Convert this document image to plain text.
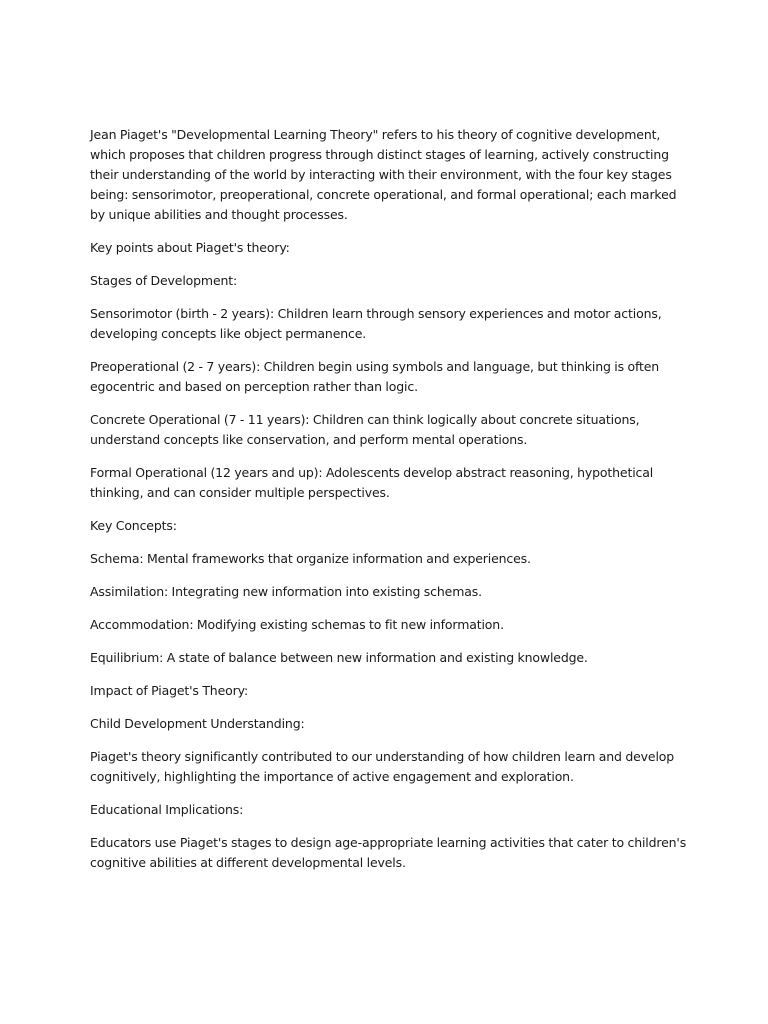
Jean Piaget's "Developmental Learning Theory" refers to his theory of cognitive development, which proposes that children progress through distinct stages of learning, actively constructing their understanding of the world by interacting with their environment, with the four key stages being: sensorimotor, preoperational, concrete operational, and formal operational; each marked by unique abilities and thought processes.

Key points about Piaget's theory:

Stages of Development:

Sensorimotor (birth - 2 years): Children learn through sensory experiences and motor actions, developing concepts like object permanence.

Preoperational (2 - 7 years): Children begin using symbols and language, but thinking is often egocentric and based on perception rather than logic.

Concrete Operational (7 - 11 years): Children can think logically about concrete situations, understand concepts like conservation, and perform mental operations.

Formal Operational (12 years and up): Adolescents develop abstract reasoning, hypothetical thinking, and can consider multiple perspectives.

Key Concepts:

Schema: Mental frameworks that organize information and experiences.

Assimilation: Integrating new information into existing schemas.

Accommodation: Modifying existing schemas to fit new information.

Equilibrium: A state of balance between new information and existing knowledge.

Impact of Piaget's Theory:

Child Development Understanding:

Piaget's theory significantly contributed to our understanding of how children learn and develop cognitively, highlighting the importance of active engagement and exploration.

Educational Implications:

Educators use Piaget's stages to design age-appropriate learning activities that cater to children's cognitive abilities at different developmental levels.
